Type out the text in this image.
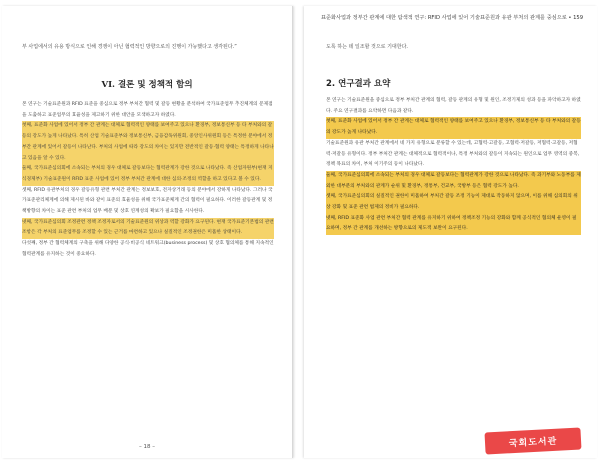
부 사업에서의 유용 방식으로 인해 경쟁이 아닌 협력적인 방향으로의 진행이 가능했다고 생각된다.”
VI. 결론 및 정책적 함의
본 연구는 기술표준원과 RFID 표준을 중심으로 정부 부처간 협력 및 갈등 현황을 분석하여 국가표준업무 추진체계의 문제점을 도출하고 표준업무의 효율성을 제고하기 위한 대안을 모색하고자 하였다.
첫째, 표준화 사업에 있어서 정부 간 관계는 대체로 협력적인 양태를 보여주고 있으나 환경부, 정보통신부 등 타 부처와의 갈등의 강도가 높게 나타났다. 특히 산업 기술표준부와 정보통신부, 금융감독위원회, 중앙인사위원회 등은 특정한 분야에서 정부간 관계에 있어서 갈등이 나타난다. 부처의 사업에 따라 강도의 차이는 있지만 전반적인 갈등·협력 양태는 특정하게 나타나고 있음을 알 수 있다.
둘째, 국가표준심의회에 소속되는 부처의 경우 대체로 갈등보다는 협력관계가 강한 것으로 나타났다. 즉 산업자원부(현재 지식경제부) 기술표준원이 RFID 표준 사업에 있어 정부 부처간 관계에 대한 심의·조정의 역할을 하고 있다고 볼 수 있다.
셋째, RFID 유관부처의 경우 갈등유형 관련 부처간 관계는 정보보호, 전자상거래 등의 분야에서 강하게 나타났다. 그러나 국가표준관리체계에 의해 제시된 바와 같이 표준의 효율성을 위해 국가표준체계 간의 협력이 필요하다. 이러한 갈등관계 및 정책방향의 차이는 표준 관련 부처의 업무 배분 및 상호 연계성의 확보가 필요함을 시사한다.
넷째, 국가표준심의회 조정관련 정책 조정자로서의 기술표준원의 위상과 역할 강화가 요구된다. 현재 국가표준기본법의 관련 조항은 각 부처의 표준업무를 조정할 수 있는 근거를 마련하고 있으나 실질적인 조정권한은 미흡한 상태이다.
다섯째, 정부 간 협력체계의 구축을 위해 다양한 공식·비공식 네트워크(business process) 및 상호 협의체를 통해 지속적인 협력관계를 유지하는 것이 중요하다.
– 18 –
표준화사업과 정부간 관계에 대한 탐색적 연구: RFID 사업에 있어 기술표준원과 유관 부처의 관계를 중심으로 • 159
도록 하는 데 일조할 것으로 기대한다.
2. 연구결과 요약
본 연구는 기술표준원을 중심으로 정부 부처간 관계의 협력, 갈등 관계의 유형 및 원인, 조정기제의 성과 등을 파악하고자 하였다. 주요 연구결과를 요약하면 다음과 같다.
첫째, 표준화 사업에 있어서 정부 간 관계는 대체로 협력적인 양태를 보여주고 있으나 환경부, 정보통신부 등 타 부처와의 갈등의 강도가 높게 나타났다.
기술표준원과 유관 부처간 관계에서 네 가지 유형으로 분류할 수 있는데, 고협력·고갈등, 고협력·저갈등, 저협력·고갈등, 저협력·저갈등 유형이다. 정부 부처간 관계는 대체적으로 협력적이나, 특정 부처와의 갈등이 지속되는 원인으로 업무 영역의 중복, 정책 목표의 차이, 부처 이기주의 등이 나타났다.
둘째, 국가표준심의회에 소속되는 부처의 경우 대체로 갈등보다는 협력관계가 강한 것으로 나타났다. 즉 과기부와 노동부를 제외한 대부분의 부처와의 관계가 순위 및 환경부, 정통부, 건교부, 국방부 등은 협력 강도가 높다.
셋째, 국가표준심의회의 실질적인 권한이 미흡하여 부처간 갈등 조정 기능이 제대로 작동하지 않으며, 이를 위해 심의회의 위상 강화 및 표준 관련 법제의 정비가 필요하다.
넷째, RFID 표준화 사업 관련 부처간 협력 관계를 유지하기 위하여 정책조정 기능의 강화와 함께 공식적인 협의체 운영이 필요하며, 정부 간 관계를 개선하는 방향으로의 제도적 보완이 요구된다.
국회도서관
